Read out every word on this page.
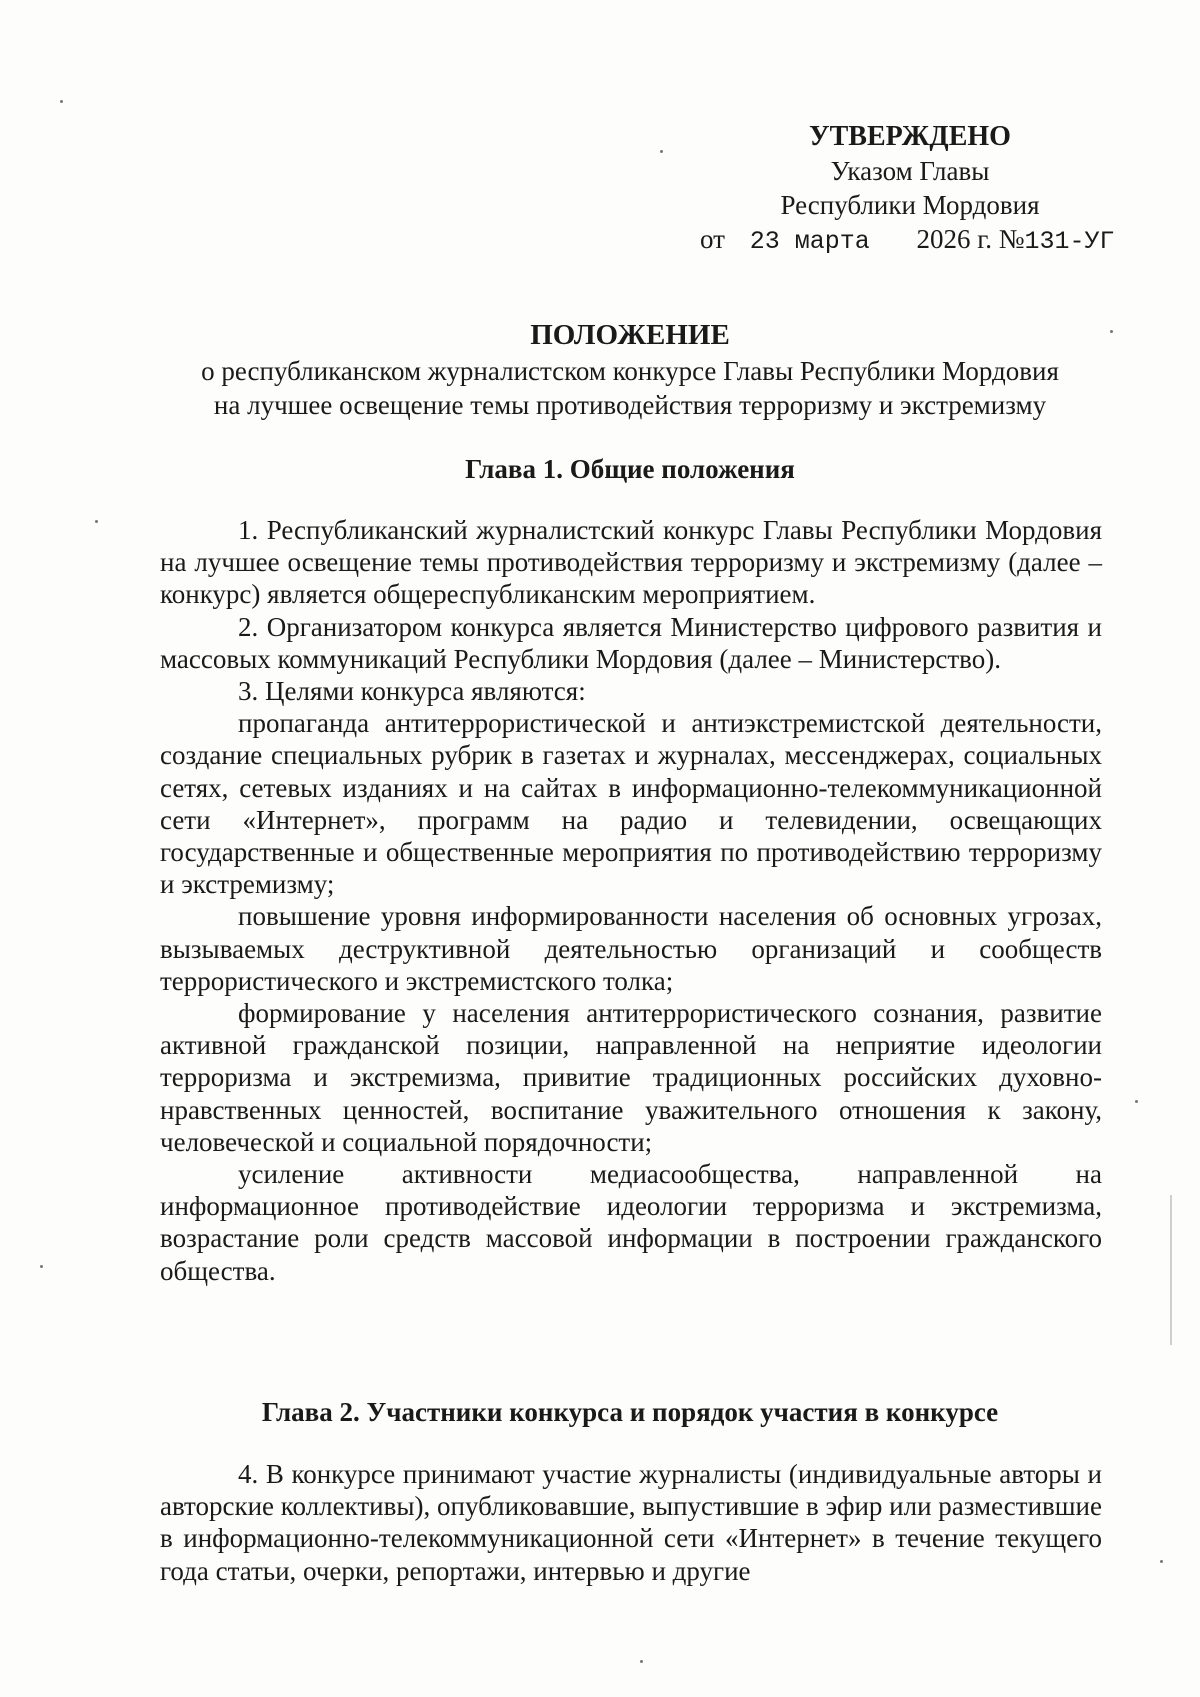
УТВЕРЖДЕНО
Указом Главы
Республики Мордовия
от 23 марта 2026 г. №131-УГ
ПОЛОЖЕНИЕ
о республиканском журналистском конкурсе Главы Республики Мордовия
на лучшее освещение темы противодействия терроризму и экстремизму
Глава 1. Общие положения

1. Республиканский журналистский конкурс Главы Республики Мордовия на лучшее освещение темы противодействия терроризму и экстремизму (далее – конкурс) является общереспубликанским мероприятием.

2. Организатором конкурса является Министерство цифрового развития и массовых коммуникаций Республики Мордовия (далее – Министерство).

3. Целями конкурса являются:

пропаганда антитеррористической и антиэкстремистской деятельности, создание специальных рубрик в газетах и журналах, мессенджерах, социальных сетях, сетевых изданиях и на сайтах в информационно-телекоммуникационной сети «Интернет», программ на радио и телевидении, освещающих государственные и общественные мероприятия по противодействию терроризму и экстремизму;

повышение уровня информированности населения об основных угрозах, вызываемых деструктивной деятельностью организаций и сообществ террористического и экстремистского толка;

формирование у населения антитеррористического сознания, развитие активной гражданской позиции, направленной на неприятие идеологии терроризма и экстремизма, привитие традиционных российских духовно-нравственных ценностей, воспитание уважительного отношения к закону, человеческой и социальной порядочности;

усиление активности медиасообщества, направленной на информационное противодействие идеологии терроризма и экстремизма, возрастание роли средств массовой информации в построении гражданского общества.

Глава 2. Участники конкурса и порядок участия в конкурсе

4. В конкурсе принимают участие журналисты (индивидуальные авторы и авторские коллективы), опубликовавшие, выпустившие в эфир или разместившие в информационно-телекоммуникационной сети «Интернет» в течение текущего года статьи, очерки, репортажи, интервью и другие
